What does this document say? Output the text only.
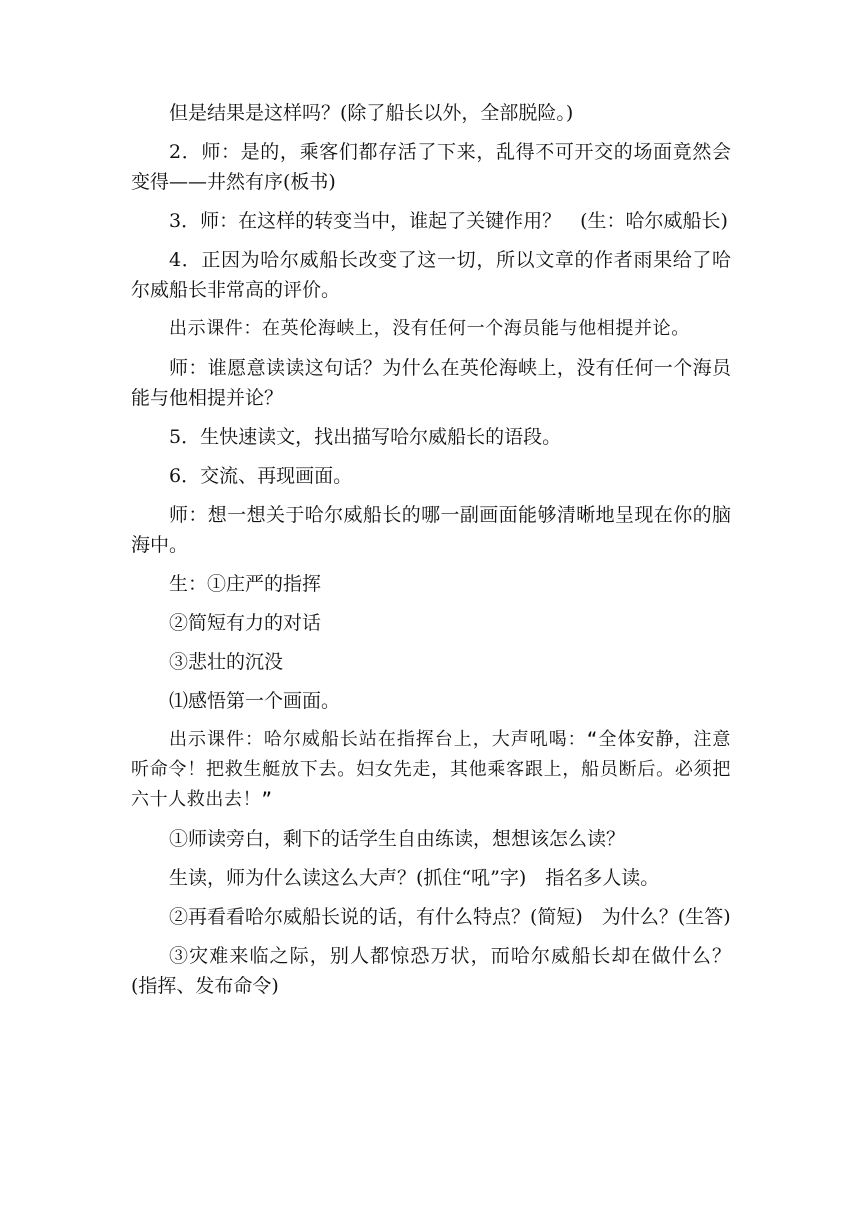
但是结果是这样吗？(除了船长以外，全部脱险。)

2．师：是的，乘客们都存活了下来，乱得不可开交的场面竟然会变得——井然有序(板书)

3．师：在这样的转变当中，谁起了关键作用？　(生：哈尔威船长)

4．正因为哈尔威船长改变了这一切，所以文章的作者雨果给了哈尔威船长非常高的评价。

出示课件：在英伦海峡上，没有任何一个海员能与他相提并论。

师：谁愿意读读这句话？为什么在英伦海峡上，没有任何一个海员能与他相提并论？

5．生快速读文，找出描写哈尔威船长的语段。

6．交流、再现画面。

师：想一想关于哈尔威船长的哪一副画面能够清晰地呈现在你的脑海中。

生：①庄严的指挥

②简短有力的对话

③悲壮的沉没

⑴感悟第一个画面。

出示课件：哈尔威船长站在指挥台上，大声吼喝：“全体安静，注意听命令！把救生艇放下去。妇女先走，其他乘客跟上，船员断后。必须把六十人救出去！”

①师读旁白，剩下的话学生自由练读，想想该怎么读？

生读，师为什么读这么大声？(抓住“吼”字)　指名多人读。

②再看看哈尔威船长说的话，有什么特点？(简短)　为什么？(生答)

③灾难来临之际，别人都惊恐万状，而哈尔威船长却在做什么？　(指挥、发布命令)
